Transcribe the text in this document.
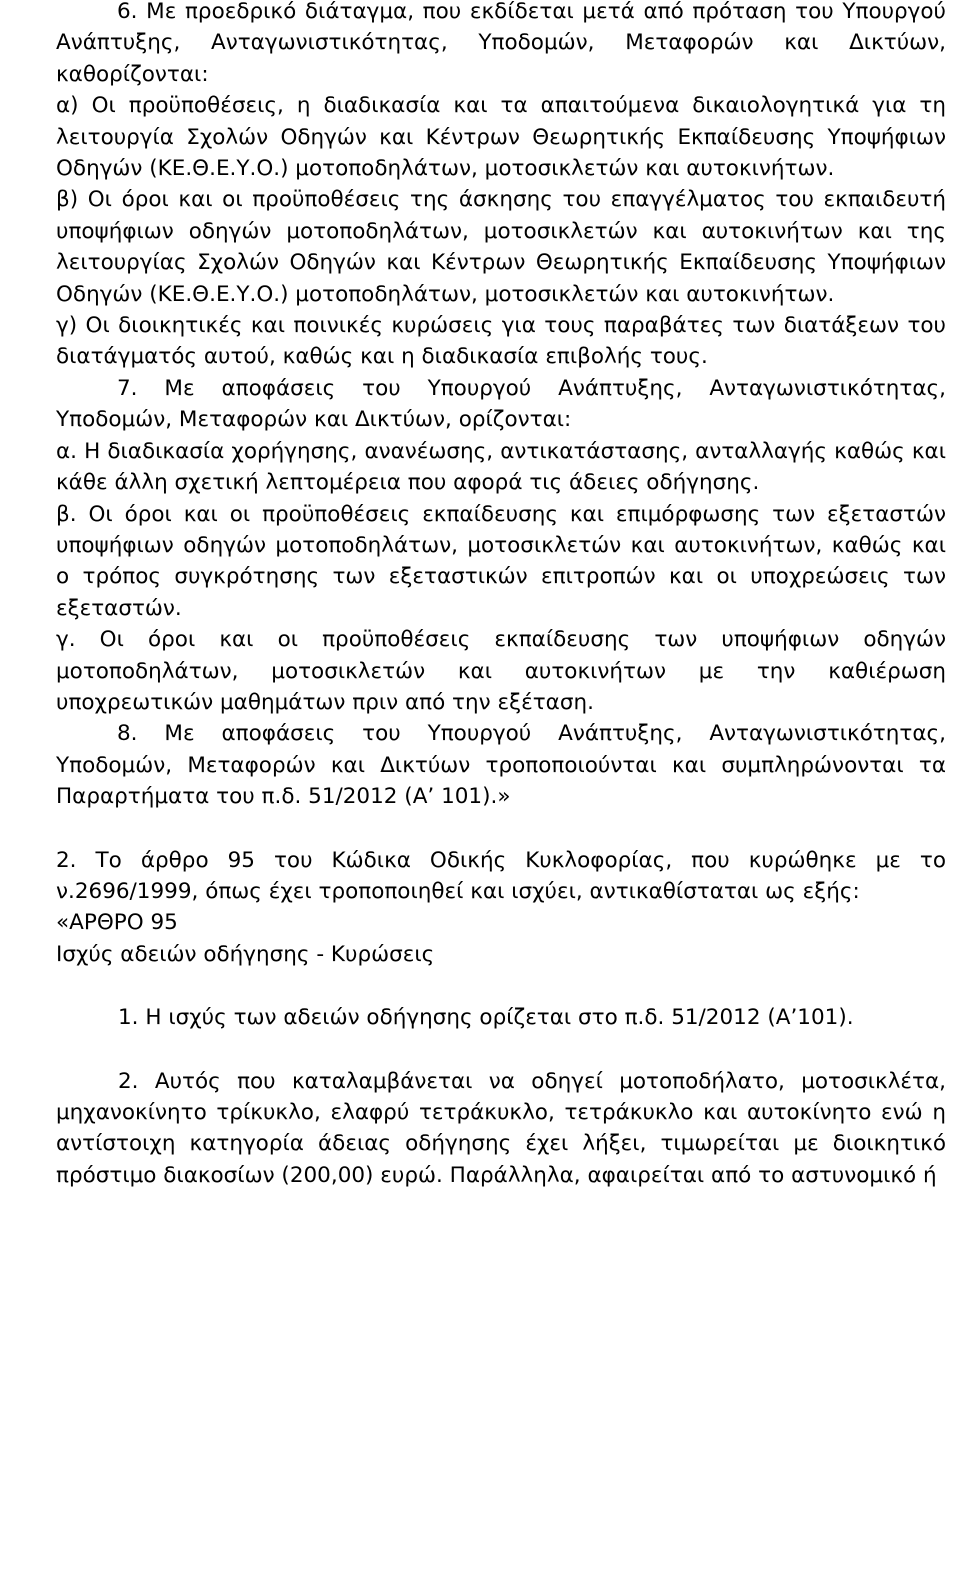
6. Με προεδρικό διάταγμα, που εκδίδεται μετά από πρόταση του Υπουργού Ανάπτυξης, Ανταγωνιστικότητας, Υποδομών, Μεταφορών και Δικτύων, καθορίζονται:

α) Οι προϋποθέσεις, η διαδικασία και τα απαιτούμενα δικαιολογητικά για τη λειτουργία Σχολών Οδηγών και Κέντρων Θεωρητικής Εκπαίδευσης Υποψήφιων Οδηγών (ΚΕ.Θ.Ε.Υ.Ο.) μοτοποδηλάτων, μοτοσικλετών και αυτοκινήτων.

β) Οι όροι και οι προϋποθέσεις της άσκησης του επαγγέλματος του εκπαιδευτή υποψήφιων οδηγών μοτοποδηλάτων, μοτοσικλετών και αυτοκινήτων και της λειτουργίας Σχολών Οδηγών και Κέντρων Θεωρητικής Εκπαίδευσης Υποψήφιων Οδηγών (ΚΕ.Θ.Ε.Υ.Ο.) μοτοποδηλάτων, μοτοσικλετών και αυτοκινήτων.

γ) Οι διοικητικές και ποινικές κυρώσεις για τους παραβάτες των διατάξεων του διατάγματός αυτού, καθώς και η διαδικασία επιβολής τους.

7. Με αποφάσεις του Υπουργού Ανάπτυξης, Ανταγωνιστικότητας, Υποδομών, Μεταφορών και Δικτύων, ορίζονται:

α. Η διαδικασία χορήγησης, ανανέωσης, αντικατάστασης, ανταλλαγής καθώς και κάθε άλλη σχετική λεπτομέρεια που αφορά τις άδειες οδήγησης.

β. Οι όροι και οι προϋποθέσεις εκπαίδευσης και επιμόρφωσης των εξεταστών υποψήφιων οδηγών μοτοποδηλάτων, μοτοσικλετών και αυτοκινήτων, καθώς και ο τρόπος συγκρότησης των εξεταστικών επιτροπών και οι υποχρεώσεις των εξεταστών.

γ. Οι όροι και οι προϋποθέσεις εκπαίδευσης των υποψήφιων οδηγών μοτοποδηλάτων, μοτοσικλετών και αυτοκινήτων με την καθιέρωση υποχρεωτικών μαθημάτων πριν από την εξέταση.

8. Με αποφάσεις του Υπουργού Ανάπτυξης, Ανταγωνιστικότητας, Υποδομών, Μεταφορών και Δικτύων τροποποιούνται και συμπληρώνονται τα Παραρτήματα του π.δ. 51/2012 (Α’ 101).»

2. Το άρθρο 95 του Κώδικα Οδικής Κυκλοφορίας, που κυρώθηκε με το ν.2696/1999, όπως έχει τροποποιηθεί και ισχύει, αντικαθίσταται ως εξής:

«ΑΡΘΡΟ 95

Ισχύς αδειών οδήγησης - Κυρώσεις

1. Η ισχύς των αδειών οδήγησης ορίζεται στο π.δ. 51/2012 (Α’101).

2. Αυτός που καταλαμβάνεται να οδηγεί μοτοποδήλατο, μοτοσικλέτα, μηχανοκίνητο τρίκυκλο, ελαφρύ τετράκυκλο, τετράκυκλο και αυτοκίνητο ενώ η αντίστοιχη κατηγορία άδειας οδήγησης έχει λήξει, τιμωρείται με διοικητικό πρόστιμο διακοσίων (200,00) ευρώ. Παράλληλα, αφαιρείται από το αστυνομικό ή
